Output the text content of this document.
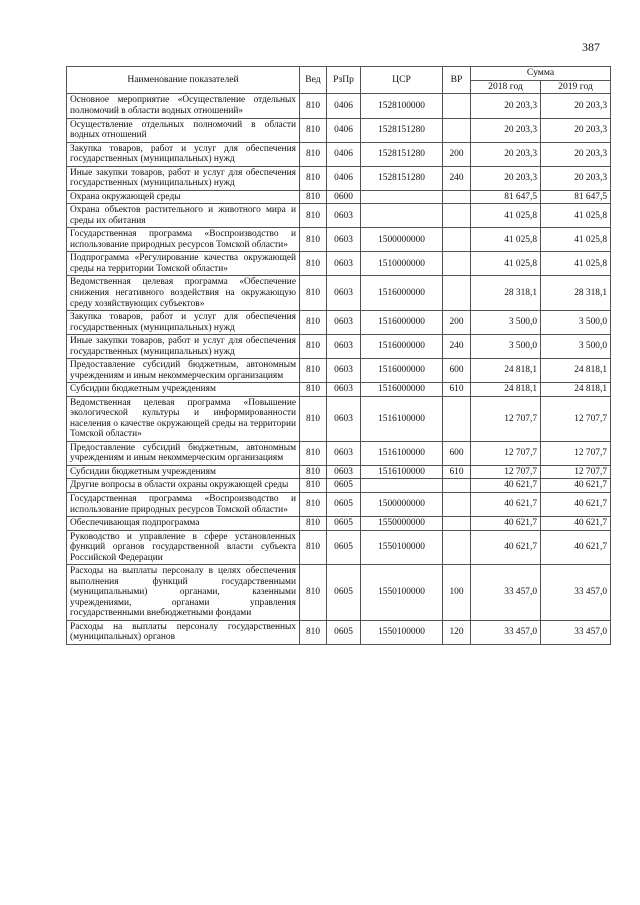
387
Наименование показателей	Вед	РзПр	ЦСР	ВР	Сумма	
					2018 год	2019 год
Основное мероприятие «Осуществление отдельных полномочий в области водных отношений»	810	0406	1528100000		20 203,3	20 203,3
Осуществление отдельных полномочий в области водных отношений	810	0406	1528151280		20 203,3	20 203,3
Закупка товаров, работ и услуг для обеспечения государственных (муниципальных) нужд	810	0406	1528151280	200	20 203,3	20 203,3
Иные закупки товаров, работ и услуг для обеспечения государственных (муниципальных) нужд	810	0406	1528151280	240	20 203,3	20 203,3
Охрана окружающей среды	810	0600			81 647,5	81 647,5
Охрана объектов растительного и животного мира и среды их обитания	810	0603			41 025,8	41 025,8
Государственная программа «Воспроизводство и использование природных ресурсов Томской области»	810	0603	1500000000		41 025,8	41 025,8
Подпрограмма «Регулирование качества окружающей среды на территории Томской области»	810	0603	1510000000		41 025,8	41 025,8
Ведомственная целевая программа «Обеспечение снижения негативного воздействия на окружающую среду хозяйствующих субъектов»	810	0603	1516000000		28 318,1	28 318,1
Закупка товаров, работ и услуг для обеспечения государственных (муниципальных) нужд	810	0603	1516000000	200	3 500,0	3 500,0
Иные закупки товаров, работ и услуг для обеспечения государственных (муниципальных) нужд	810	0603	1516000000	240	3 500,0	3 500,0
Предоставление субсидий бюджетным, автономным учреждениям и иным некоммерческим организациям	810	0603	1516000000	600	24 818,1	24 818,1
Субсидии бюджетным учреждениям	810	0603	1516000000	610	24 818,1	24 818,1
Ведомственная целевая программа «Повышение экологической культуры и информированности населения о качестве окружающей среды на территории Томской области»	810	0603	1516100000		12 707,7	12 707,7
Предоставление субсидий бюджетным, автономным учреждениям и иным некоммерческим организациям	810	0603	1516100000	600	12 707,7	12 707,7
Субсидии бюджетным учреждениям	810	0603	1516100000	610	12 707,7	12 707,7
Другие вопросы в области охраны окружающей среды	810	0605			40 621,7	40 621,7
Государственная программа «Воспроизводство и использование природных ресурсов Томской области»	810	0605	1500000000		40 621,7	40 621,7
Обеспечивающая подпрограмма	810	0605	1550000000		40 621,7	40 621,7
Руководство и управление в сфере установленных функций органов государственной власти субъекта Российской Федерации	810	0605	1550100000		40 621,7	40 621,7
Расходы на выплаты персоналу в целях обеспечения выполнения функций государственными (муниципальными) органами, казенными учреждениями, органами управления государственными внебюджетными фондами	810	0605	1550100000	100	33 457,0	33 457,0
Расходы на выплаты персоналу государственных (муниципальных) органов	810	0605	1550100000	120	33 457,0	33 457,0
